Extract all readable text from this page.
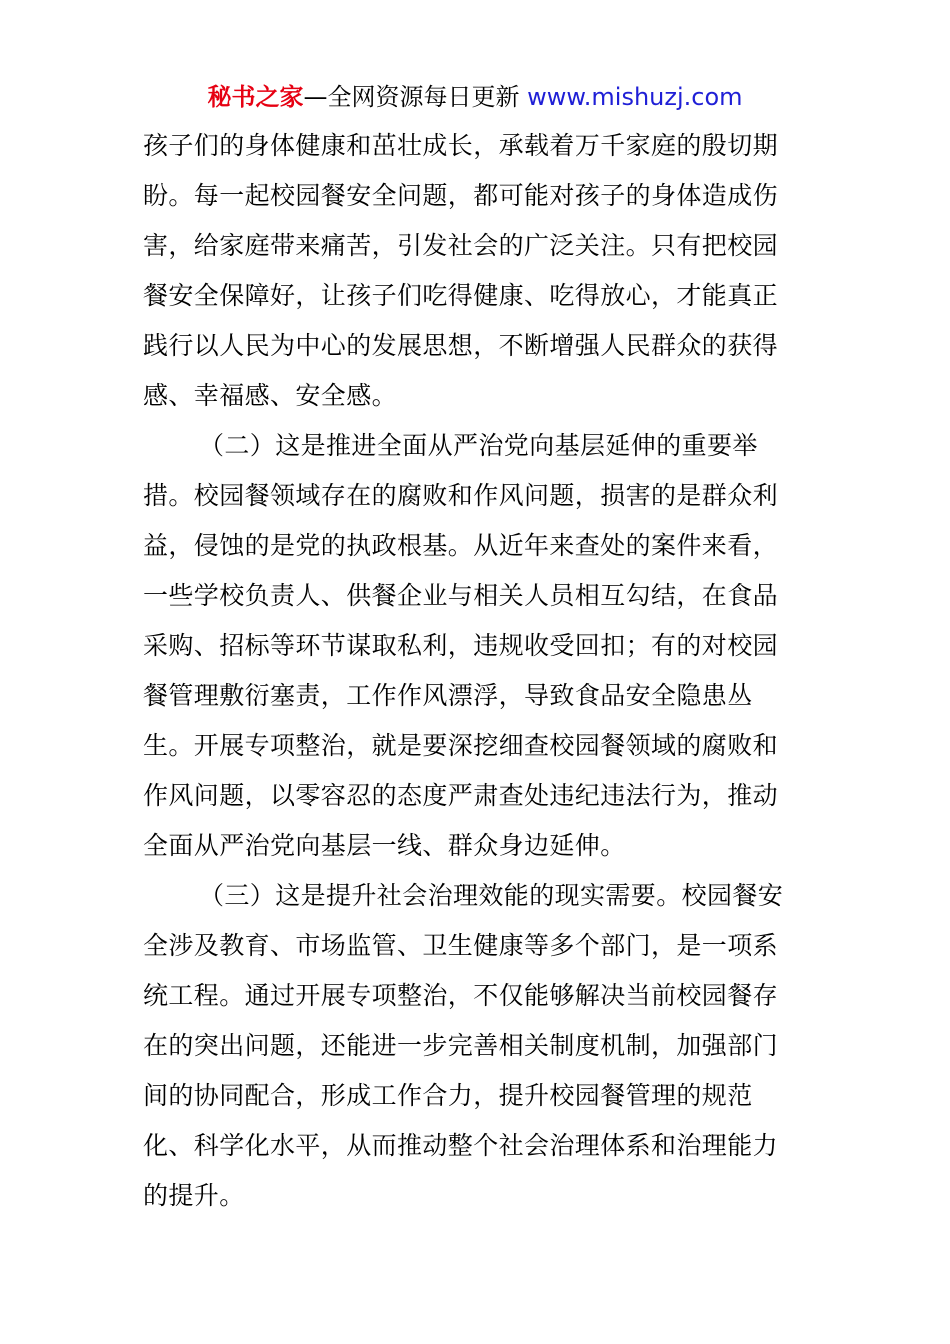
秘书之家—全网资源每日更新 www.mishuzj.com
孩子们的身体健康和茁壮成长，承载着万千家庭的殷切期
盼。每一起校园餐安全问题，都可能对孩子的身体造成伤
害，给家庭带来痛苦，引发社会的广泛关注。只有把校园
餐安全保障好，让孩子们吃得健康、吃得放心，才能真正
践行以人民为中心的发展思想，不断增强人民群众的获得
感、幸福感、安全感。
（二）这是推进全面从严治党向基层延伸的重要举
措。校园餐领域存在的腐败和作风问题，损害的是群众利
益，侵蚀的是党的执政根基。从近年来查处的案件来看，
一些学校负责人、供餐企业与相关人员相互勾结，在食品
采购、招标等环节谋取私利，违规收受回扣；有的对校园
餐管理敷衍塞责，工作作风漂浮，导致食品安全隐患丛
生。开展专项整治，就是要深挖细查校园餐领域的腐败和
作风问题，以零容忍的态度严肃查处违纪违法行为，推动
全面从严治党向基层一线、群众身边延伸。
（三）这是提升社会治理效能的现实需要。校园餐安
全涉及教育、市场监管、卫生健康等多个部门，是一项系
统工程。通过开展专项整治，不仅能够解决当前校园餐存
在的突出问题，还能进一步完善相关制度机制，加强部门
间的协同配合，形成工作合力，提升校园餐管理的规范
化、科学化水平，从而推动整个社会治理体系和治理能力
的提升。
